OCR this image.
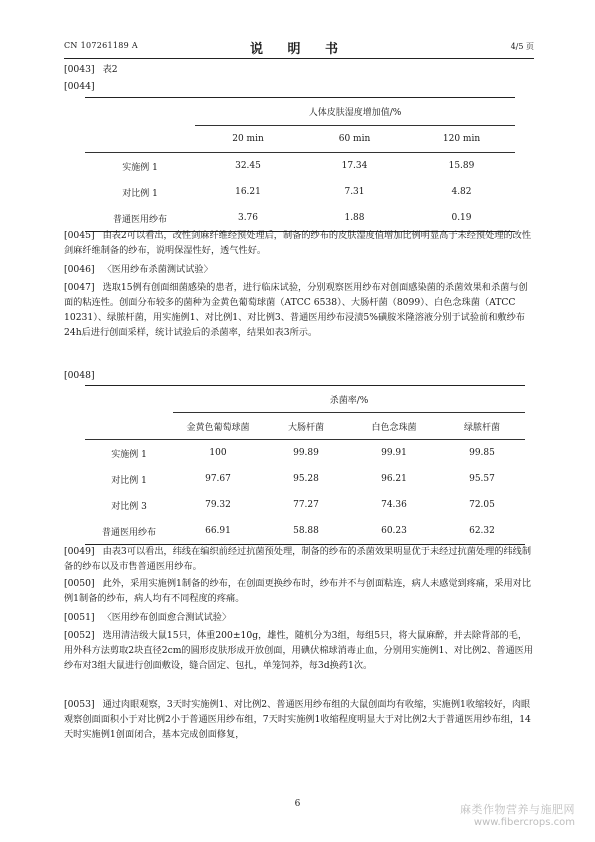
CN 107261189 A	说 明 书	4/5 页
[0043] 表2
[0044]
	人体皮肤湿度增加值/%		
	20 min	60 min	120 min
实施例 1	32.45	17.34	15.89
对比例 1	16.21	7.31	4.82
普通医用纱布	3.76	1.88	0.19
[0045] 由表2可以看出，改性剑麻纤维经预处理后，制备的纱布的皮肤湿度值增加比例明显高于未经预处理的改性剑麻纤维制备的纱布，说明保湿性好，透气性好。
[0046] 〈医用纱布杀菌测试试验〉
[0047] 选取15例有创面细菌感染的患者，进行临床试验，分别观察医用纱布对创面感染菌的杀菌效果和杀菌与创面的粘连性。创面分布较多的菌种为金黄色葡萄球菌（ATCC 6538）、大肠杆菌（8099）、白色念珠菌（ATCC 10231）、绿脓杆菌，用实施例1、对比例1、对比例3、普通医用纱布浸渍5%磺胺米隆溶液分别于试验前和敷纱布24h后进行创面采样，统计试验后的杀菌率，结果如表3所示。
[0048]
	杀菌率/%			
	金黄色葡萄球菌	大肠杆菌	白色念珠菌	绿脓杆菌
实施例 1	100	99.89	99.91	99.85
对比例 1	97.67	95.28	96.21	95.57
对比例 3	79.32	77.27	74.36	72.05
普通医用纱布	66.91	58.88	60.23	62.32
[0049] 由表3可以看出，纬线在编织前经过抗菌预处理，制备的纱布的杀菌效果明显优于未经过抗菌处理的纬线制备的纱布以及市售普通医用纱布。
[0050] 此外，采用实施例1制备的纱布，在创面更换纱布时，纱布并不与创面粘连，病人未感觉到疼痛，采用对比例1制备的纱布，病人均有不同程度的疼痛。
[0051] 〈医用纱布创面愈合测试试验〉
[0052] 选用清洁级大鼠15只，体重200±10g，雄性，随机分为3组，每组5只，将大鼠麻醉，并去除背部的毛，用外科方法剪取2块直径2cm的圆形皮肤形成开放创面，用碘伏棉球消毒止血，分别用实施例1、对比例2、普通医用纱布对3组大鼠进行创面敷设，缝合固定、包扎，单笼饲养，每3d换药1次。
[0053] 通过肉眼观察，3天时实施例1、对比例2、普通医用纱布组的大鼠创面均有收缩，实施例1收缩较好，肉眼观察创面面积小于对比例2小于普通医用纱布组，7天时实施例1收缩程度明显大于对比例2大于普通医用纱布组，14天时实施例1创面闭合，基本完成创面修复，
6	麻类作物营养与施肥网
www.fibercrops.com
